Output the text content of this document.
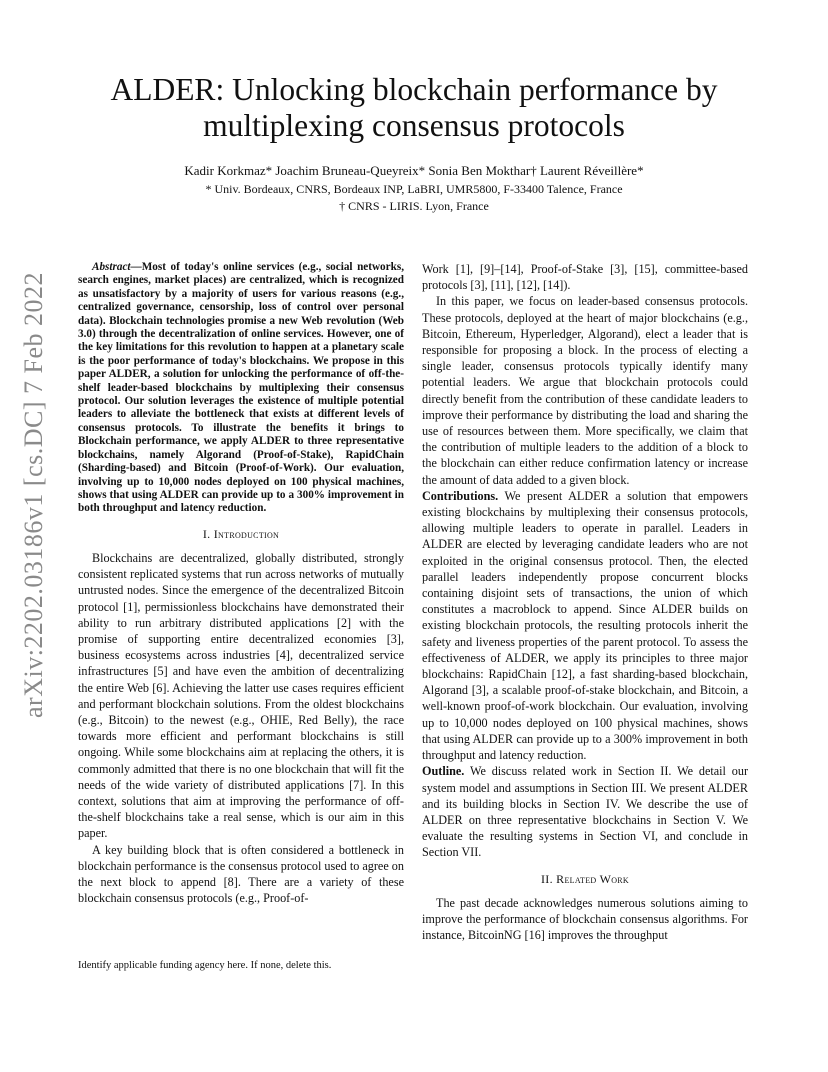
arXiv:2202.03186v1 [cs.DC] 7 Feb 2022
ALDER: Unlocking blockchain performance by
multiplexing consensus protocols
Kadir Korkmaz* Joachim Bruneau-Queyreix* Sonia Ben Mokthar† Laurent Réveillère*
* Univ. Bordeaux, CNRS, Bordeaux INP, LaBRI, UMR5800, F-33400 Talence, France
† CNRS - LIRIS. Lyon, France

Abstract—Most of today's online services (e.g., social networks, search engines, market places) are centralized, which is recognized as unsatisfactory by a majority of users for various reasons (e.g., centralized governance, censorship, loss of control over personal data). Blockchain technologies promise a new Web revolution (Web 3.0) through the decentralization of online services. However, one of the key limitations for this revolution to happen at a planetary scale is the poor performance of today's blockchains. We propose in this paper ALDER, a solution for unlocking the performance of off-the-shelf leader-based blockchains by multiplexing their consensus protocol. Our solution leverages the existence of multiple potential leaders to alleviate the bottleneck that exists at different levels of consensus protocols. To illustrate the benefits it brings to Blockchain performance, we apply ALDER to three representative blockchains, namely Algorand (Proof-of-Stake), RapidChain (Sharding-based) and Bitcoin (Proof-of-Work). Our evaluation, involving up to 10,000 nodes deployed on 100 physical machines, shows that using ALDER can provide up to a 300% improvement in both throughput and latency reduction.

I. Introduction

Blockchains are decentralized, globally distributed, strongly consistent replicated systems that run across networks of mutually untrusted nodes. Since the emergence of the decentralized Bitcoin protocol [1], permissionless blockchains have demonstrated their ability to run arbitrary distributed applications [2] with the promise of supporting entire decentralized economies [3], business ecosystems across industries [4], decentralized service infrastructures [5] and have even the ambition of decentralizing the entire Web [6]. Achieving the latter use cases requires efficient and performant blockchain solutions. From the oldest blockchains (e.g., Bitcoin) to the newest (e.g., OHIE, Red Belly), the race towards more efficient and performant blockchains is still ongoing. While some blockchains aim at replacing the others, it is commonly admitted that there is no one blockchain that will fit the needs of the wide variety of distributed applications [7]. In this context, solutions that aim at improving the performance of off-the-shelf blockchains take a real sense, which is our aim in this paper.

A key building block that is often considered a bottleneck in blockchain performance is the consensus protocol used to agree on the next block to append [8]. There are a variety of these blockchain consensus protocols (e.g., Proof-of-

Work [1], [9]–[14], Proof-of-Stake [3], [15], committee-based protocols [3], [11], [12], [14]).

In this paper, we focus on leader-based consensus protocols. These protocols, deployed at the heart of major blockchains (e.g., Bitcoin, Ethereum, Hyperledger, Algorand), elect a leader that is responsible for proposing a block. In the process of electing a single leader, consensus protocols typically identify many potential leaders. We argue that blockchain protocols could directly benefit from the contribution of these candidate leaders to improve their performance by distributing the load and sharing the use of resources between them. More specifically, we claim that the contribution of multiple leaders to the addition of a block to the blockchain can either reduce confirmation latency or increase the amount of data added to a given block.

Contributions. We present ALDER a solution that empowers existing blockchains by multiplexing their consensus protocols, allowing multiple leaders to operate in parallel. Leaders in ALDER are elected by leveraging candidate leaders who are not exploited in the original consensus protocol. Then, the elected parallel leaders independently propose concurrent blocks containing disjoint sets of transactions, the union of which constitutes a macroblock to append. Since ALDER builds on existing blockchain protocols, the resulting protocols inherit the safety and liveness properties of the parent protocol. To assess the effectiveness of ALDER, we apply its principles to three major blockchains: RapidChain [12], a fast sharding-based blockchain, Algorand [3], a scalable proof-of-stake blockchain, and Bitcoin, a well-known proof-of-work blockchain. Our evaluation, involving up to 10,000 nodes deployed on 100 physical machines, shows that using ALDER can provide up to a 300% improvement in both throughput and latency reduction.

Outline. We discuss related work in Section II. We detail our system model and assumptions in Section III. We present ALDER and its building blocks in Section IV. We describe the use of ALDER on three representative blockchains in Section V. We evaluate the resulting systems in Section VI, and conclude in Section VII.

II. Related Work

The past decade acknowledges numerous solutions aiming to improve the performance of blockchain consensus algorithms. For instance, BitcoinNG [16] improves the throughput

Identify applicable funding agency here. If none, delete this.
